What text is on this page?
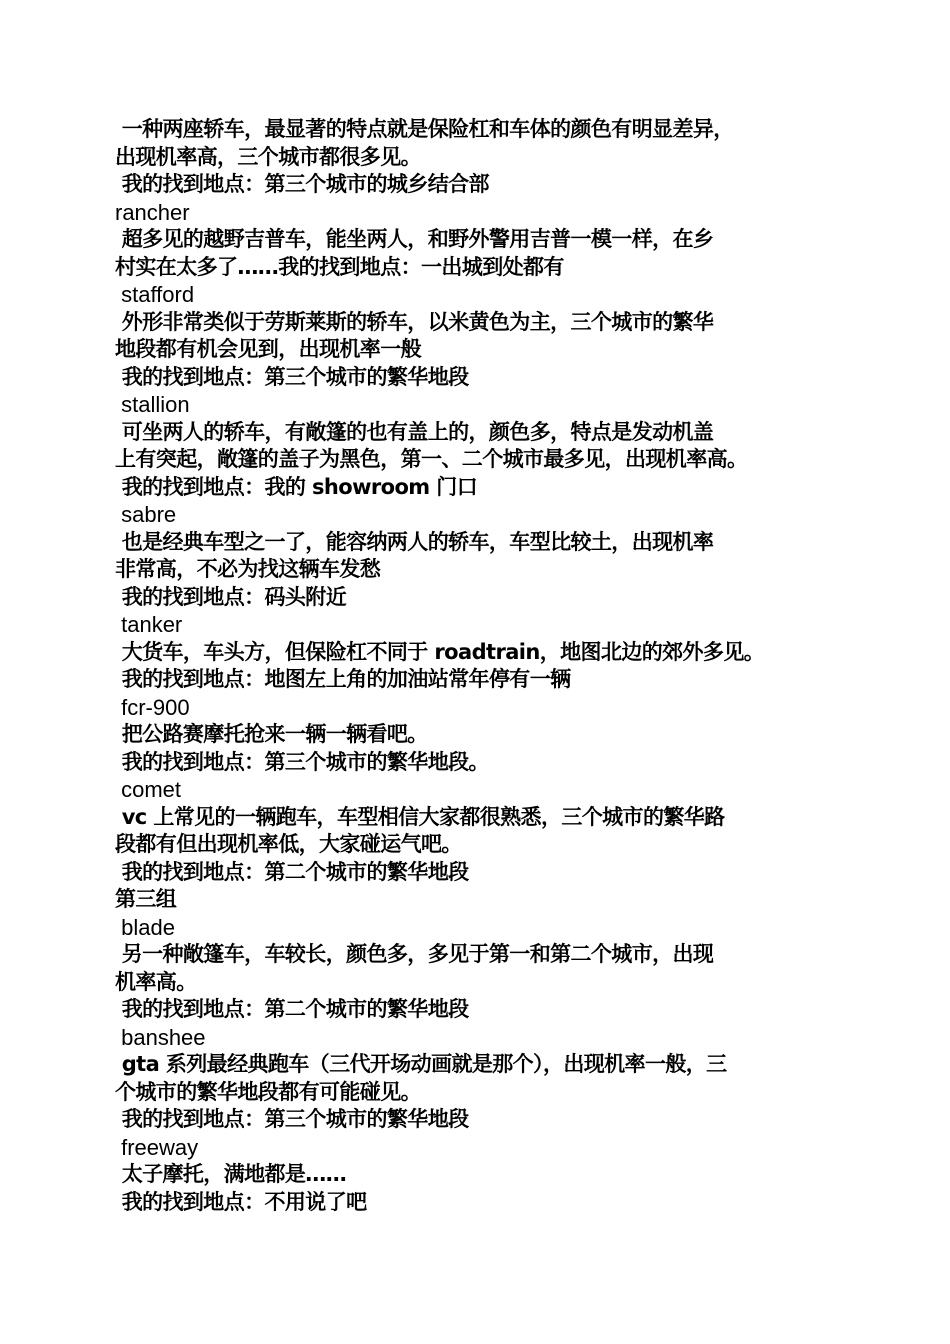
一种两座轿车，最显著的特点就是保险杠和车体的颜色有明显差异，
出现机率高，三个城市都很多见。
我的找到地点：第三个城市的城乡结合部
rancher
超多见的越野吉普车，能坐两人，和野外警用吉普一模一样，在乡
村实在太多了……我的找到地点：一出城到处都有
stafford
外形非常类似于劳斯莱斯的轿车，以米黄色为主，三个城市的繁华
地段都有机会见到，出现机率一般
我的找到地点：第三个城市的繁华地段
stallion
可坐两人的轿车，有敞篷的也有盖上的，颜色多，特点是发动机盖
上有突起，敞篷的盖子为黑色，第一、二个城市最多见，出现机率高。
我的找到地点：我的 showroom 门口
sabre
也是经典车型之一了，能容纳两人的轿车，车型比较土，出现机率
非常高，不必为找这辆车发愁
我的找到地点：码头附近
tanker
大货车，车头方，但保险杠不同于 roadtrain，地图北边的郊外多见。
我的找到地点：地图左上角的加油站常年停有一辆
fcr-900
把公路赛摩托抢来一辆一辆看吧。
我的找到地点：第三个城市的繁华地段。
comet
vc 上常见的一辆跑车，车型相信大家都很熟悉，三个城市的繁华路
段都有但出现机率低，大家碰运气吧。
我的找到地点：第二个城市的繁华地段
第三组
blade
另一种敞篷车，车较长，颜色多，多见于第一和第二个城市，出现
机率高。
我的找到地点：第二个城市的繁华地段
banshee
gta 系列最经典跑车（三代开场动画就是那个），出现机率一般，三
个城市的繁华地段都有可能碰见。
我的找到地点：第三个城市的繁华地段
freeway
太子摩托，满地都是……
我的找到地点：不用说了吧
